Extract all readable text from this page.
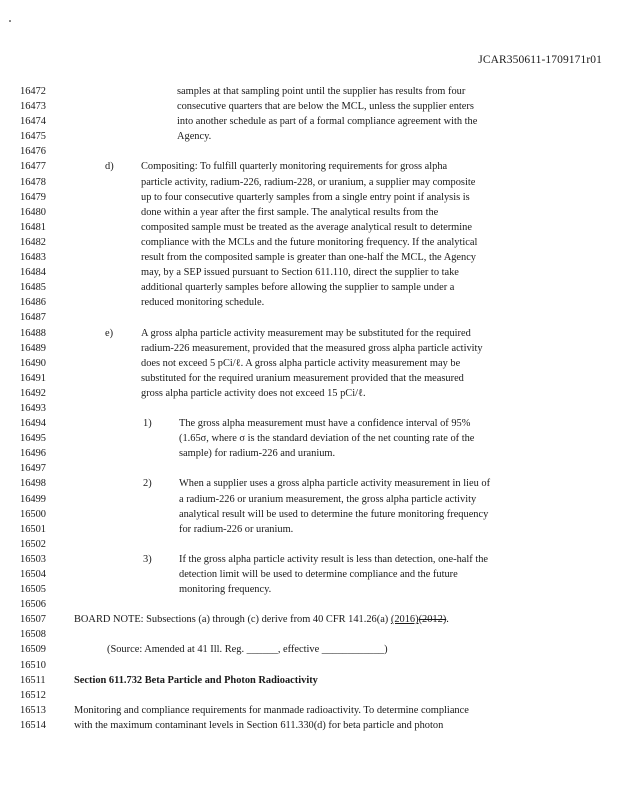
JCAR350611-1709171r01
16472	samples at that sampling point until the supplier has results from four
16473	consecutive quarters that are below the MCL, unless the supplier enters
16474	into another schedule as part of a formal compliance agreement with the
16475	Agency.
16476
16477	d)	Compositing: To fulfill quarterly monitoring requirements for gross alpha
16478	particle activity, radium-226, radium-228, or uranium, a supplier may composite
16479	up to four consecutive quarterly samples from a single entry point if analysis is
16480	done within a year after the first sample. The analytical results from the
16481	composited sample must be treated as the average analytical result to determine
16482	compliance with the MCLs and the future monitoring frequency. If the analytical
16483	result from the composited sample is greater than one-half the MCL, the Agency
16484	may, by a SEP issued pursuant to Section 611.110, direct the supplier to take
16485	additional quarterly samples before allowing the supplier to sample under a
16486	reduced monitoring schedule.
16487
16488	e)	A gross alpha particle activity measurement may be substituted for the required
16489	radium-226 measurement, provided that the measured gross alpha particle activity
16490	does not exceed 5 pCi/ℓ. A gross alpha particle activity measurement may be
16491	substituted for the required uranium measurement provided that the measured
16492	gross alpha particle activity does not exceed 15 pCi/ℓ.
16493
16494	1)	The gross alpha measurement must have a confidence interval of 95%
16495	(1.65σ, where σ is the standard deviation of the net counting rate of the
16496	sample) for radium-226 and uranium.
16497
16498	2)	When a supplier uses a gross alpha particle activity measurement in lieu of
16499	a radium-226 or uranium measurement, the gross alpha particle activity
16500	analytical result will be used to determine the future monitoring frequency
16501	for radium-226 or uranium.
16502
16503	3)	If the gross alpha particle activity result is less than detection, one-half the
16504	detection limit will be used to determine compliance and the future
16505	monitoring frequency.
16506
16507	BOARD NOTE: Subsections (a) through (c) derive from 40 CFR 141.26(a) (2016)(2012).
16508
16509	(Source: Amended at 41 Ill. Reg. ______, effective ____________)
16510
16511	Section 611.732 Beta Particle and Photon Radioactivity
16512
16513	Monitoring and compliance requirements for manmade radioactivity. To determine compliance
16514	with the maximum contaminant levels in Section 611.330(d) for beta particle and photon
